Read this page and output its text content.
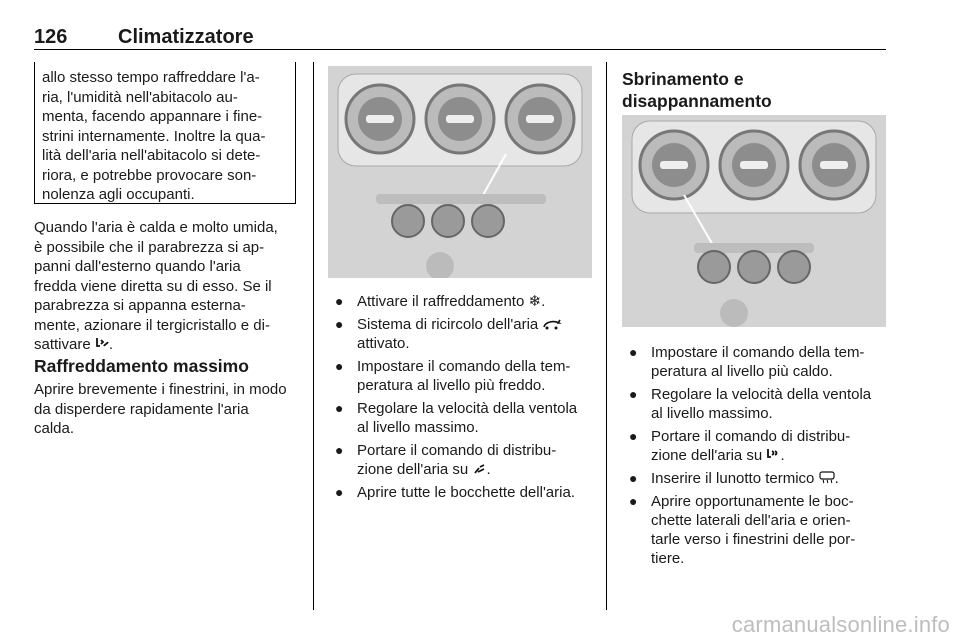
126	Climatizzatore
allo stesso tempo raffreddare l'a-
ria, l'umidità nell'abitacolo au-
menta, facendo appannare i fine-
strini internamente. Inoltre la qua-
lità dell'aria nell'abitacolo si dete-
riora, e potrebbe provocare son-
nolenza agli occupanti.
Quando l'aria è calda e molto umida,
è possibile che il parabrezza si ap-
panni dall'esterno quando l'aria
fredda viene diretta su di esso. Se il
parabrezza si appanna esterna-
mente, azionare il tergicristallo e di-
sattivare .
Raffreddamento massimo
Aprire brevemente i finestrini, in modo
da disperdere rapidamente l'aria
calda.
● Attivare il raffreddamento ❄.
● Sistema di ricircolo dell'aria
attivato.
● Impostare il comando della tem-
peratura al livello più freddo.
● Regolare la velocità della ventola
al livello massimo.
● Portare il comando di distribu-
zione dell'aria su .
● Aprire tutte le bocchette dell'aria.
Sbrinamento e disappannamento
● Impostare il comando della tem-
peratura al livello più caldo.
● Regolare la velocità della ventola
al livello massimo.
● Portare il comando di distribu-
zione dell'aria su .
● Inserire il lunotto termico .
● Aprire opportunamente le boc-
chette laterali dell'aria e orien-
tarle verso i finestrini delle por-
tiere.
carmanualsonline.info
